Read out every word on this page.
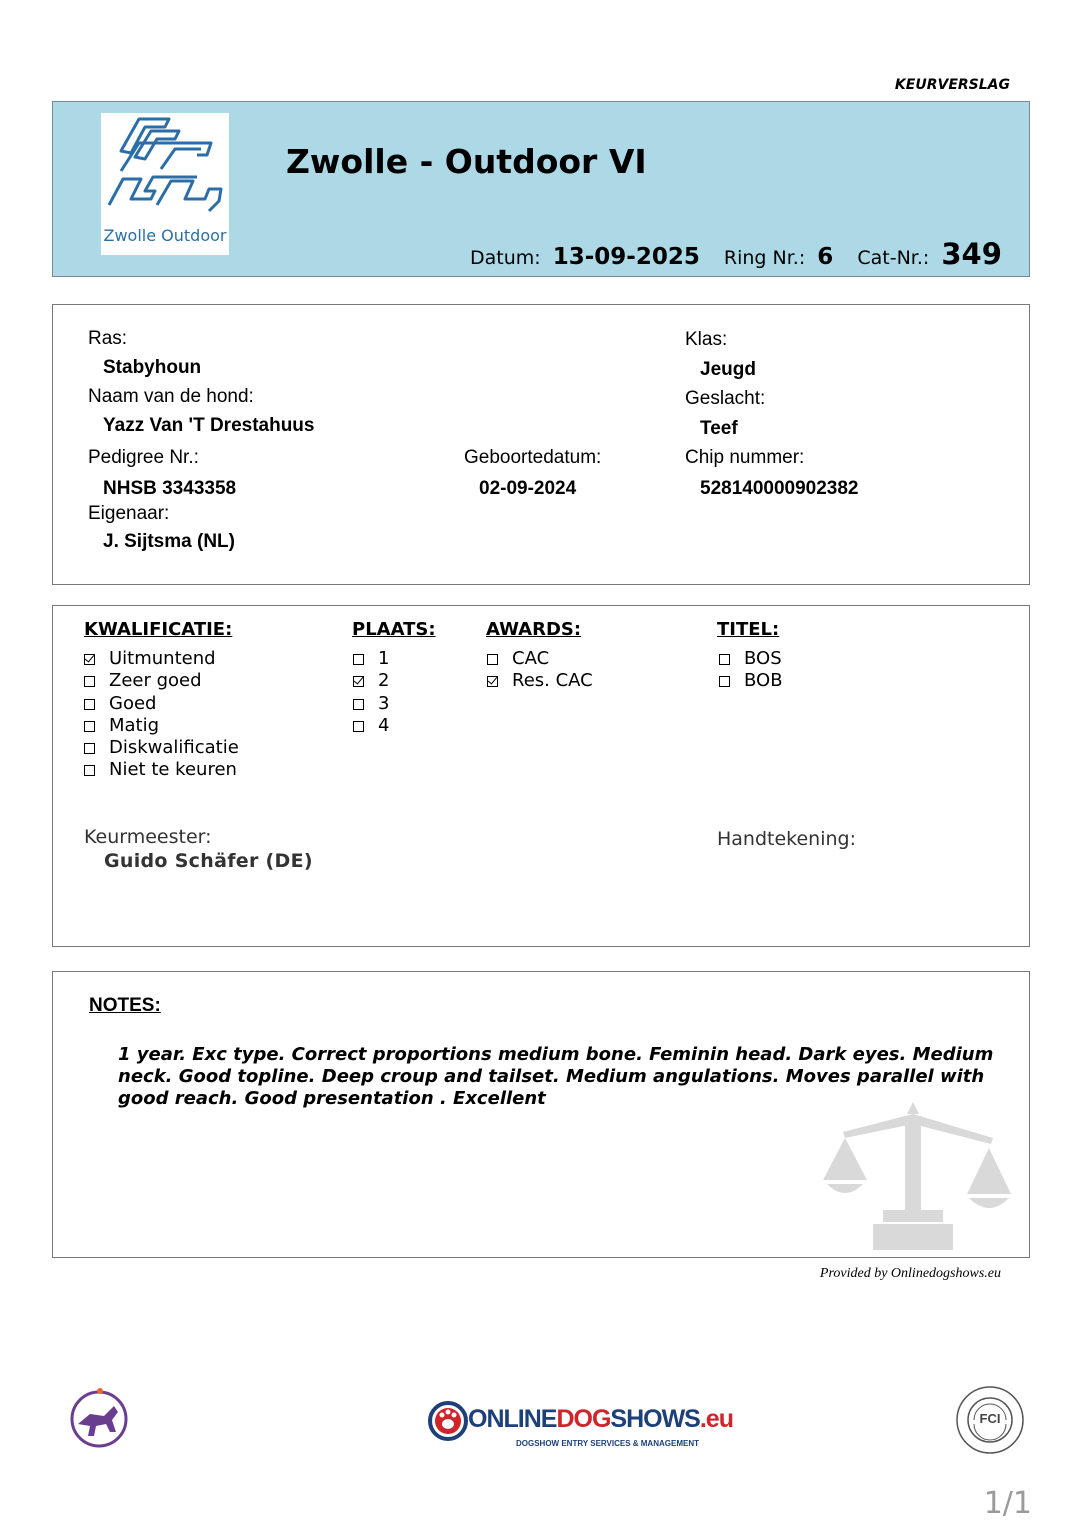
KEURVERSLAG
Zwolle Outdoor
Zwolle - Outdoor VI
Datum: 13-09-2025 Ring Nr.: 6 Cat-Nr.: 349
Ras:
Stabyhoun
Naam van de hond:
Yazz Van 'T Drestahuus
Pedigree Nr.:
NHSB 3343358
Eigenaar:
J. Sijtsma (NL)
Geboortedatum:
02-09-2024
Klas:
Jeugd
Geslacht:
Teef
Chip nummer:
528140000902382
KWALIFICATIE:
Uitmuntend
Zeer goed
Goed
Matig
Diskwalificatie
Niet te keuren
PLAATS:
1
2
3
4
AWARDS:
CAC
Res. CAC
TITEL:
BOS
BOB
Keurmeester:
Guido Schäfer (DE)
Handtekening:
NOTES:
1 year. Exc type. Correct proportions medium bone. Feminin head. Dark eyes. Medium neck. Good topline. Deep croup and tailset. Medium angulations. Moves parallel with good reach. Good presentation . Excellent
Provided by Onlinedogshows.eu
ONLINEDOGSHOWS.eu
DOGSHOW ENTRY SERVICES & MANAGEMENT
FCI
1/1
